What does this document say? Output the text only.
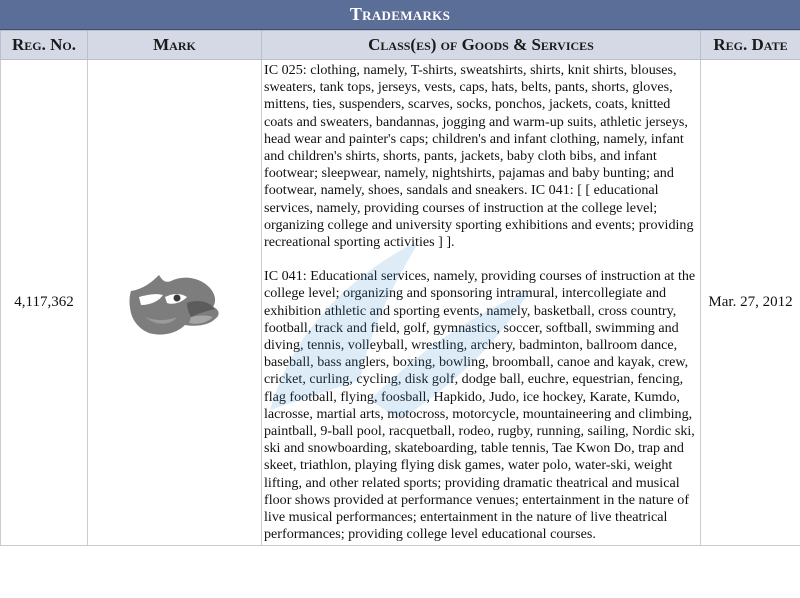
Trademarks
Reg. No.	Mark	Class(es) of Goods & Services	Reg. Date
4,117,362		IC 025: clothing, namely, T-shirts, sweatshirts, shirts, knit shirts, blouses, sweaters, tank tops, jerseys, vests, caps, hats, belts, pants, shorts, gloves, mittens, ties, suspenders, scarves, socks, ponchos, jackets, coats, knitted coats and sweaters, bandannas, jogging and warm-up suits, athletic jerseys, head wear and painter's caps; children's and infant clothing, namely, infant and children's shirts, shorts, pants, jackets, baby cloth bibs, and infant footwear; sleepwear, namely, nightshirts, pajamas and baby bunting; and footwear, namely, shoes, sandals and sneakers. IC 041: [ [ educational services, namely, providing courses of instruction at the college level; organizing college and university sporting exhibitions and events; providing recreational sporting activities ] ].

IC 041: Educational services, namely, providing courses of instruction at the college level; organizing and sponsoring intramural, intercollegiate and exhibition athletic and sporting events, namely, basketball, cross country, football, track and field, golf, gymnastics, soccer, softball, swimming and diving, tennis, volleyball, wrestling, archery, badminton, ballroom dance, baseball, bass anglers, boxing, bowling, broomball, canoe and kayak, crew, cricket, curling, cycling, disk golf, dodge ball, euchre, equestrian, fencing, flag football, flying, foosball, Hapkido, Judo, ice hockey, Karate, Kumdo, lacrosse, martial arts, motocross, motorcycle, mountaineering and climbing, paintball, 9-ball pool, racquetball, rodeo, rugby, running, sailing, Nordic ski, ski and snowboarding, skateboarding, table tennis, Tae Kwon Do, trap and skeet, triathlon, playing flying disk games, water polo, water-ski, weight lifting, and other related sports; providing dramatic theatrical and musical floor shows provided at performance venues; entertainment in the nature of live musical performances; entertainment in the nature of live theatrical performances; providing college level educational courses.	Mar. 27, 2012
